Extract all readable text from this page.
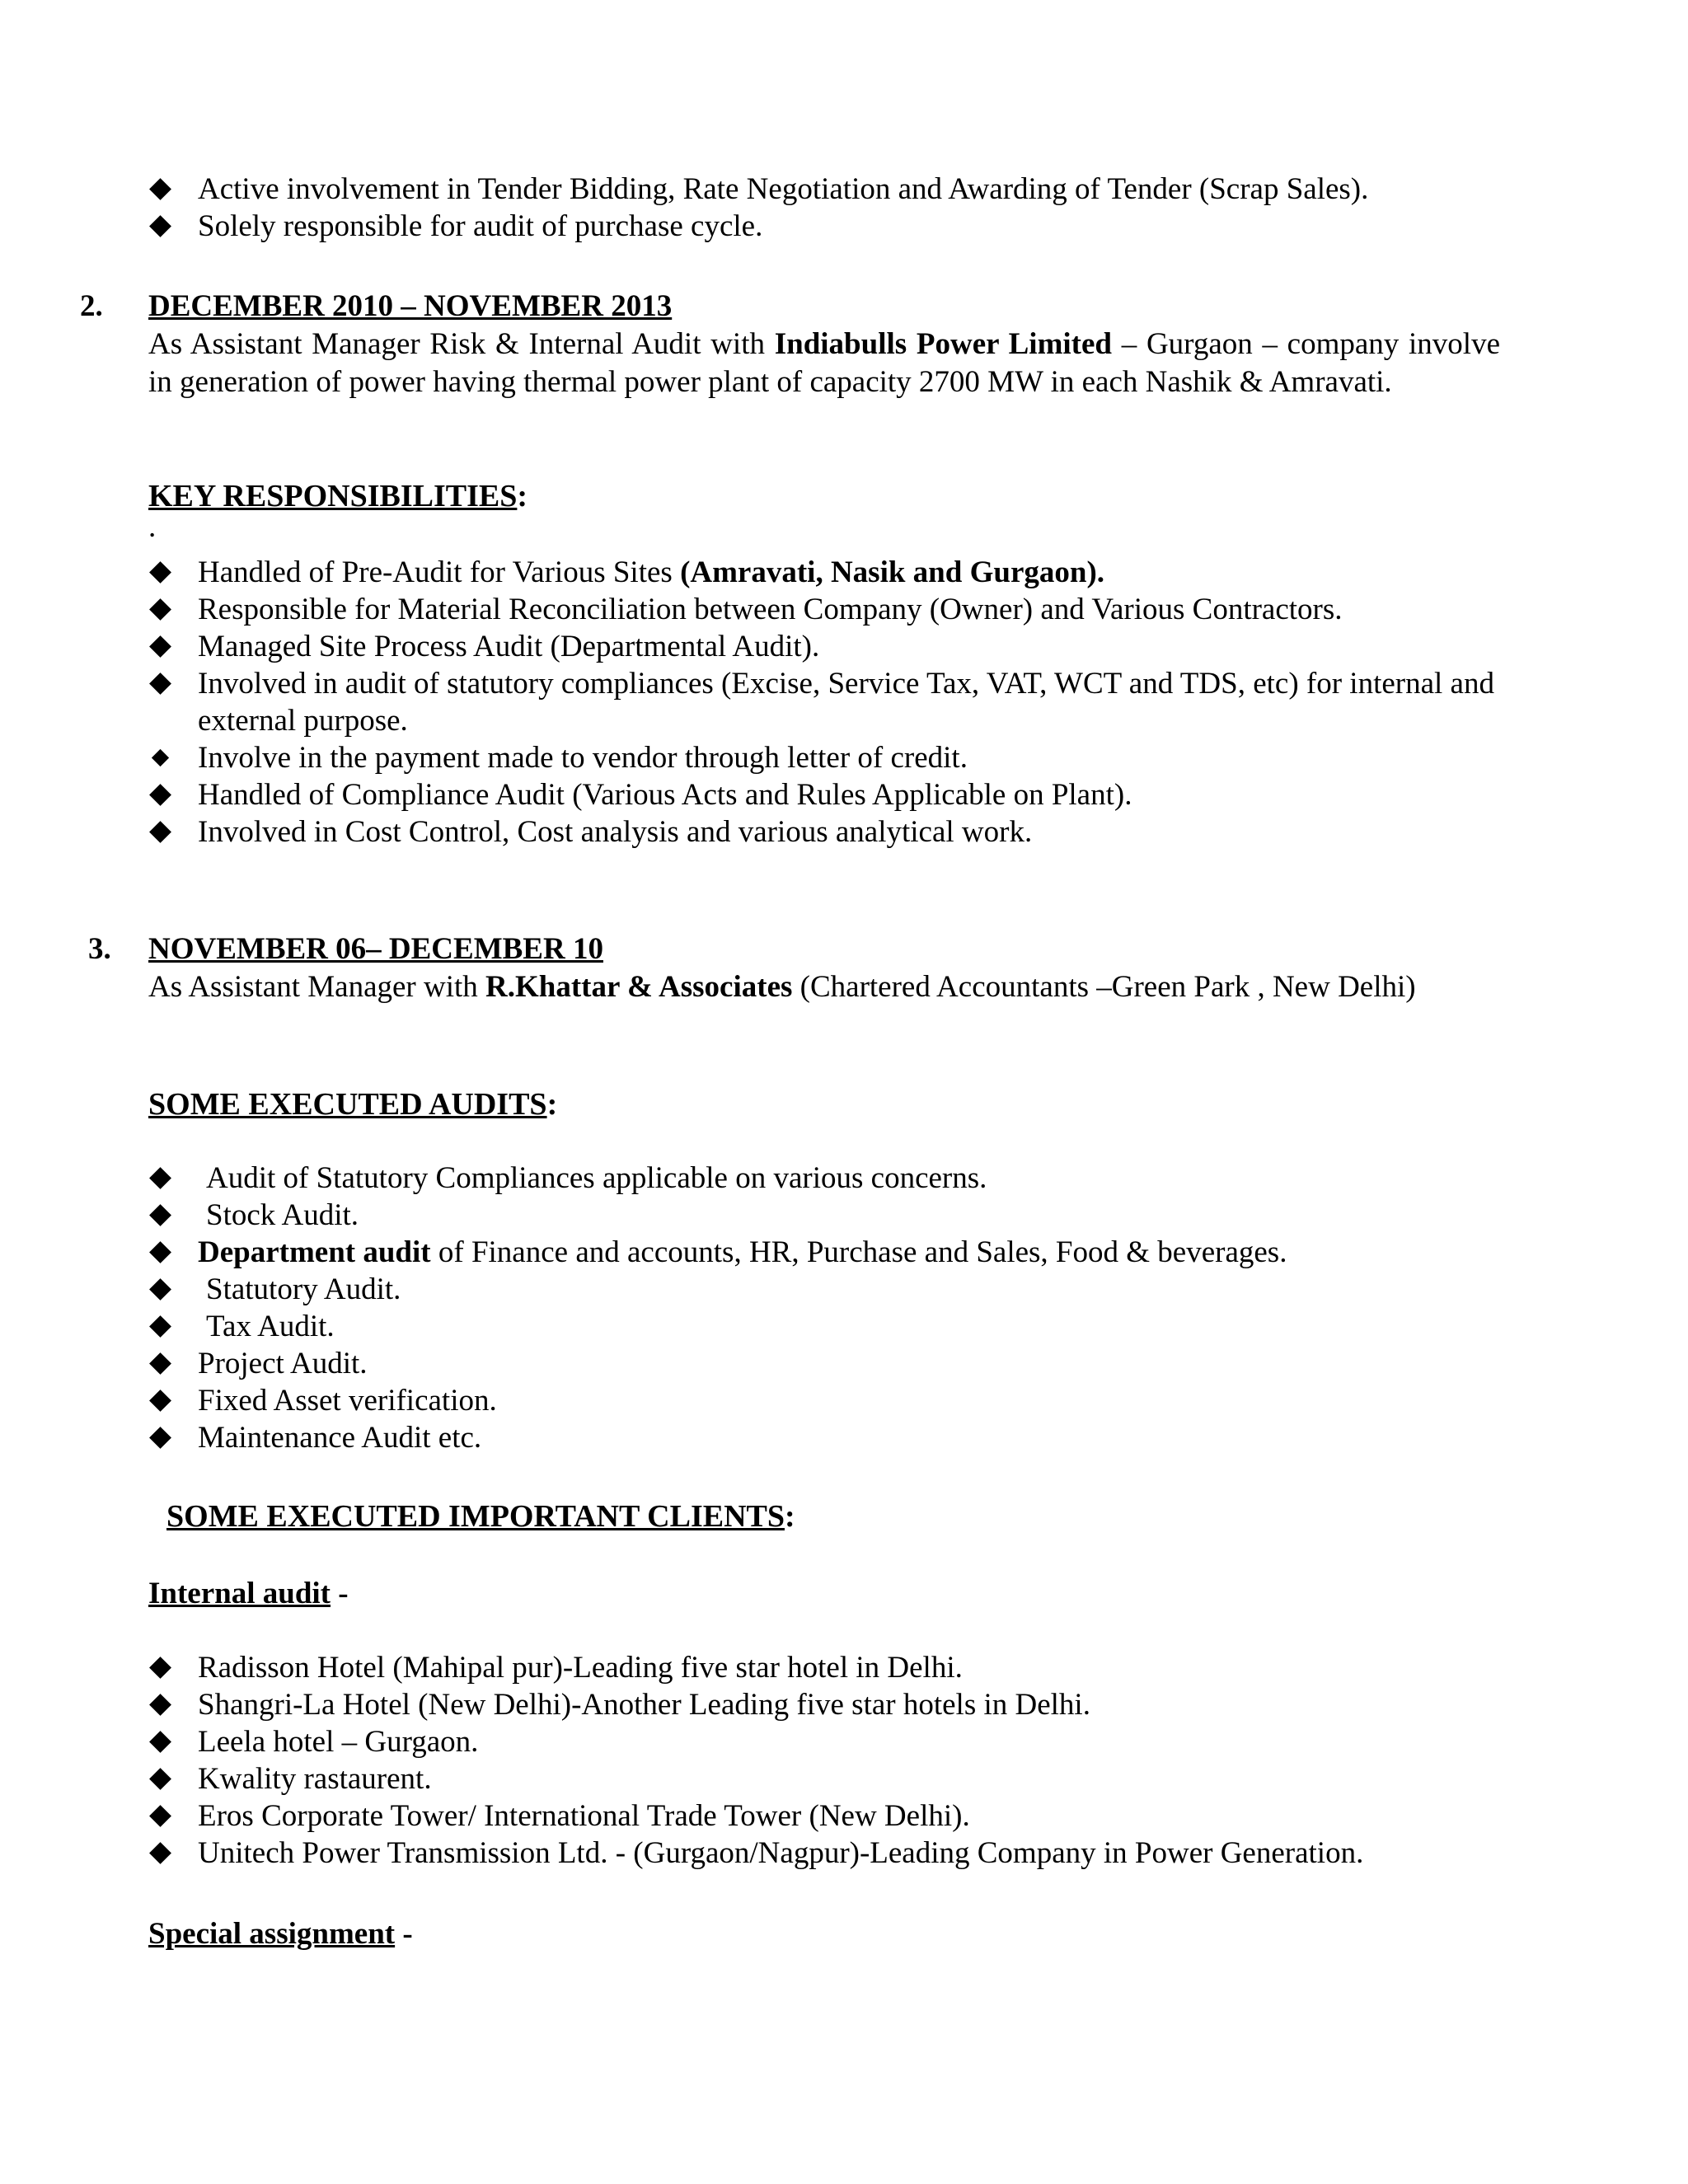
Active involvement in Tender Bidding, Rate Negotiation and Awarding of Tender (Scrap Sales).
Solely responsible for audit of purchase cycle.
2. DECEMBER 2010 – NOVEMBER 2013

As Assistant Manager Risk & Internal Audit with Indiabulls Power Limited – Gurgaon – company involve in generation of power having thermal power plant of capacity 2700 MW in each Nashik & Amravati.

KEY RESPONSIBILITIES:
.
Handled of Pre-Audit for Various Sites (Amravati, Nasik and Gurgaon).
Responsible for Material Reconciliation between Company (Owner) and Various Contractors.
Managed Site Process Audit (Departmental Audit).
Involved in audit of statutory compliances (Excise, Service Tax, VAT, WCT and TDS, etc) for internal and external purpose.
Involve in the payment made to vendor through letter of credit.
Handled of Compliance Audit (Various Acts and Rules Applicable on Plant).
Involved in Cost Control, Cost analysis and various analytical work.
3. NOVEMBER 06– DECEMBER 10

As Assistant Manager with R.Khattar & Associates (Chartered Accountants –Green Park , New Delhi)

SOME EXECUTED AUDITS:
Audit of Statutory Compliances applicable on various concerns.
Stock Audit.
Department audit of Finance and accounts, HR, Purchase and Sales, Food & beverages.
Statutory Audit.
Tax Audit.
Project Audit.
Fixed Asset verification.
Maintenance Audit etc.
SOME EXECUTED IMPORTANT CLIENTS:
Internal audit -
Radisson Hotel (Mahipal pur)-Leading five star hotel in Delhi.
Shangri-La Hotel (New Delhi)-Another Leading five star hotels in Delhi.
Leela hotel – Gurgaon.
Kwality rastaurent.
Eros Corporate Tower/ International Trade Tower (New Delhi).
Unitech Power Transmission Ltd. - (Gurgaon/Nagpur)-Leading Company in Power Generation.
Special assignment -
